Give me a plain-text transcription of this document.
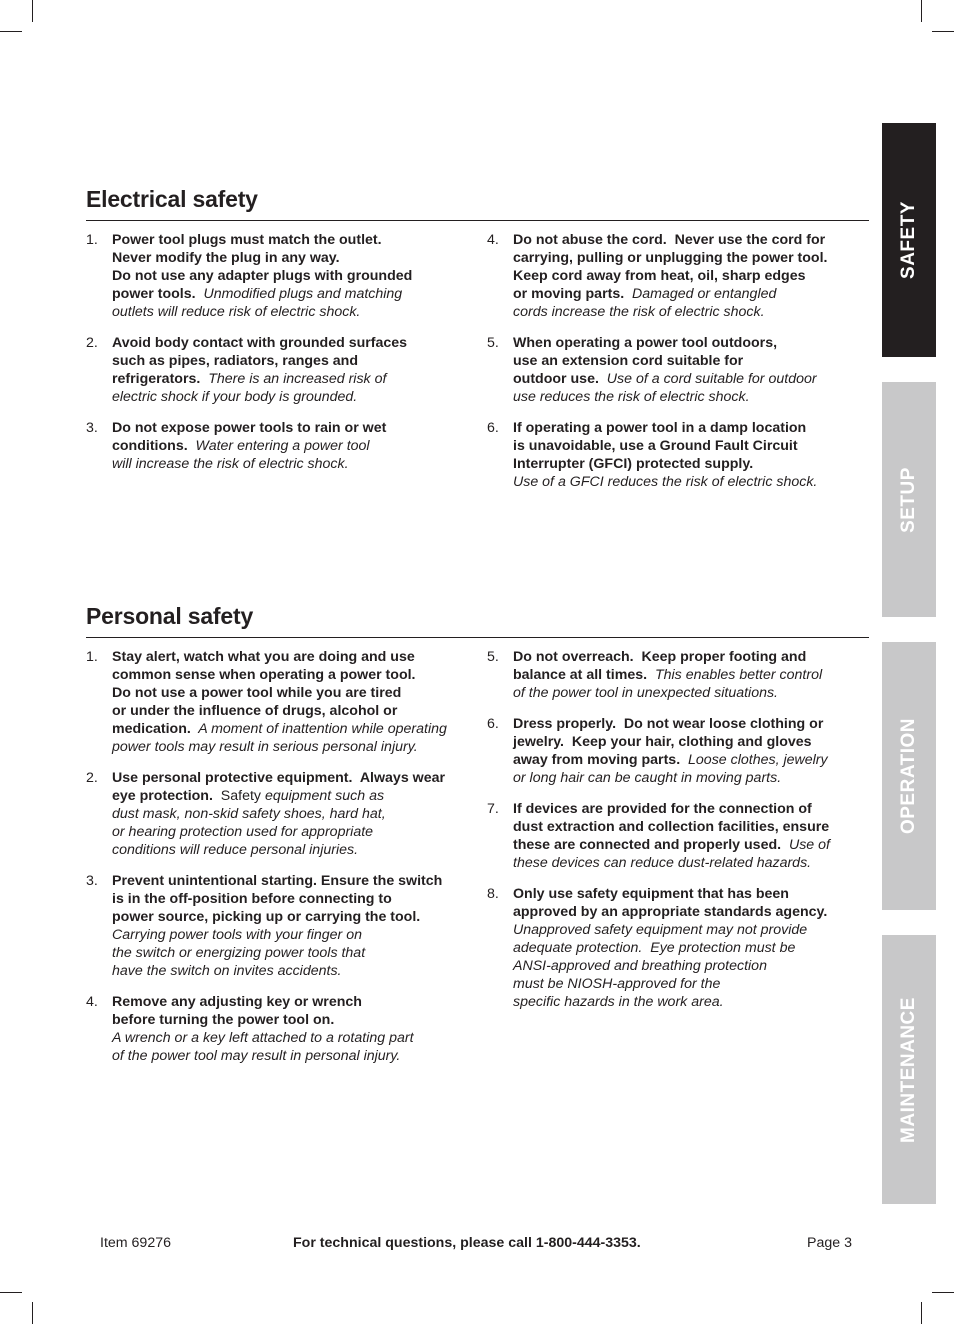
Electrical safety
1. Power tool plugs must match the outlet.
Never modify the plug in any way.
Do not use any adapter plugs with grounded
power tools.  Unmodified plugs and matching
outlets will reduce risk of electric shock.
2. Avoid body contact with grounded surfaces
such as pipes, radiators, ranges and
refrigerators.  There is an increased risk of
electric shock if your body is grounded.
3. Do not expose power tools to rain or wet
conditions.  Water entering a power tool
will increase the risk of electric shock.
4. Do not abuse the cord.  Never use the cord for
carrying, pulling or unplugging the power tool.
Keep cord away from heat, oil, sharp edges
or moving parts.  Damaged or entangled
cords increase the risk of electric shock.
5. When operating a power tool outdoors,
use an extension cord suitable for
outdoor use.  Use of a cord suitable for outdoor
use reduces the risk of electric shock.
6. If operating a power tool in a damp location
is unavoidable, use a Ground Fault Circuit
Interrupter (GFCI) protected supply.
Use of a GFCI reduces the risk of electric shock.
Personal safety
1. Stay alert, watch what you are doing and use
common sense when operating a power tool.
Do not use a power tool while you are tired
or under the influence of drugs, alcohol or
medication.  A moment of inattention while operating
power tools may result in serious personal injury.
2. Use personal protective equipment.  Always wear
eye protection.  Safety equipment such as
dust mask, non-skid safety shoes, hard hat,
or hearing protection used for appropriate
conditions will reduce personal injuries.
3. Prevent unintentional starting. Ensure the switch
is in the off-position before connecting to
power source, picking up or carrying the tool.
Carrying power tools with your finger on
the switch or energizing power tools that
have the switch on invites accidents.
4. Remove any adjusting key or wrench
before turning the power tool on.
A wrench or a key left attached to a rotating part
of the power tool may result in personal injury.
5. Do not overreach.  Keep proper footing and
balance at all times.  This enables better control
of the power tool in unexpected situations.
6. Dress properly.  Do not wear loose clothing or
jewelry.  Keep your hair, clothing and gloves
away from moving parts.  Loose clothes, jewelry
or long hair can be caught in moving parts.
7. If devices are provided for the connection of
dust extraction and collection facilities, ensure
these are connected and properly used.  Use of
these devices can reduce dust-related hazards.
8. Only use safety equipment that has been
approved by an appropriate standards agency.
Unapproved safety equipment may not provide
adequate protection.  Eye protection must be
ANSI-approved and breathing protection
must be NIOSH-approved for the
specific hazards in the work area.
SAFETY
SETUP
OPERATION
MAINTENANCE
Item 69276	For technical questions, please call 1-800-444-3353.	Page 3
